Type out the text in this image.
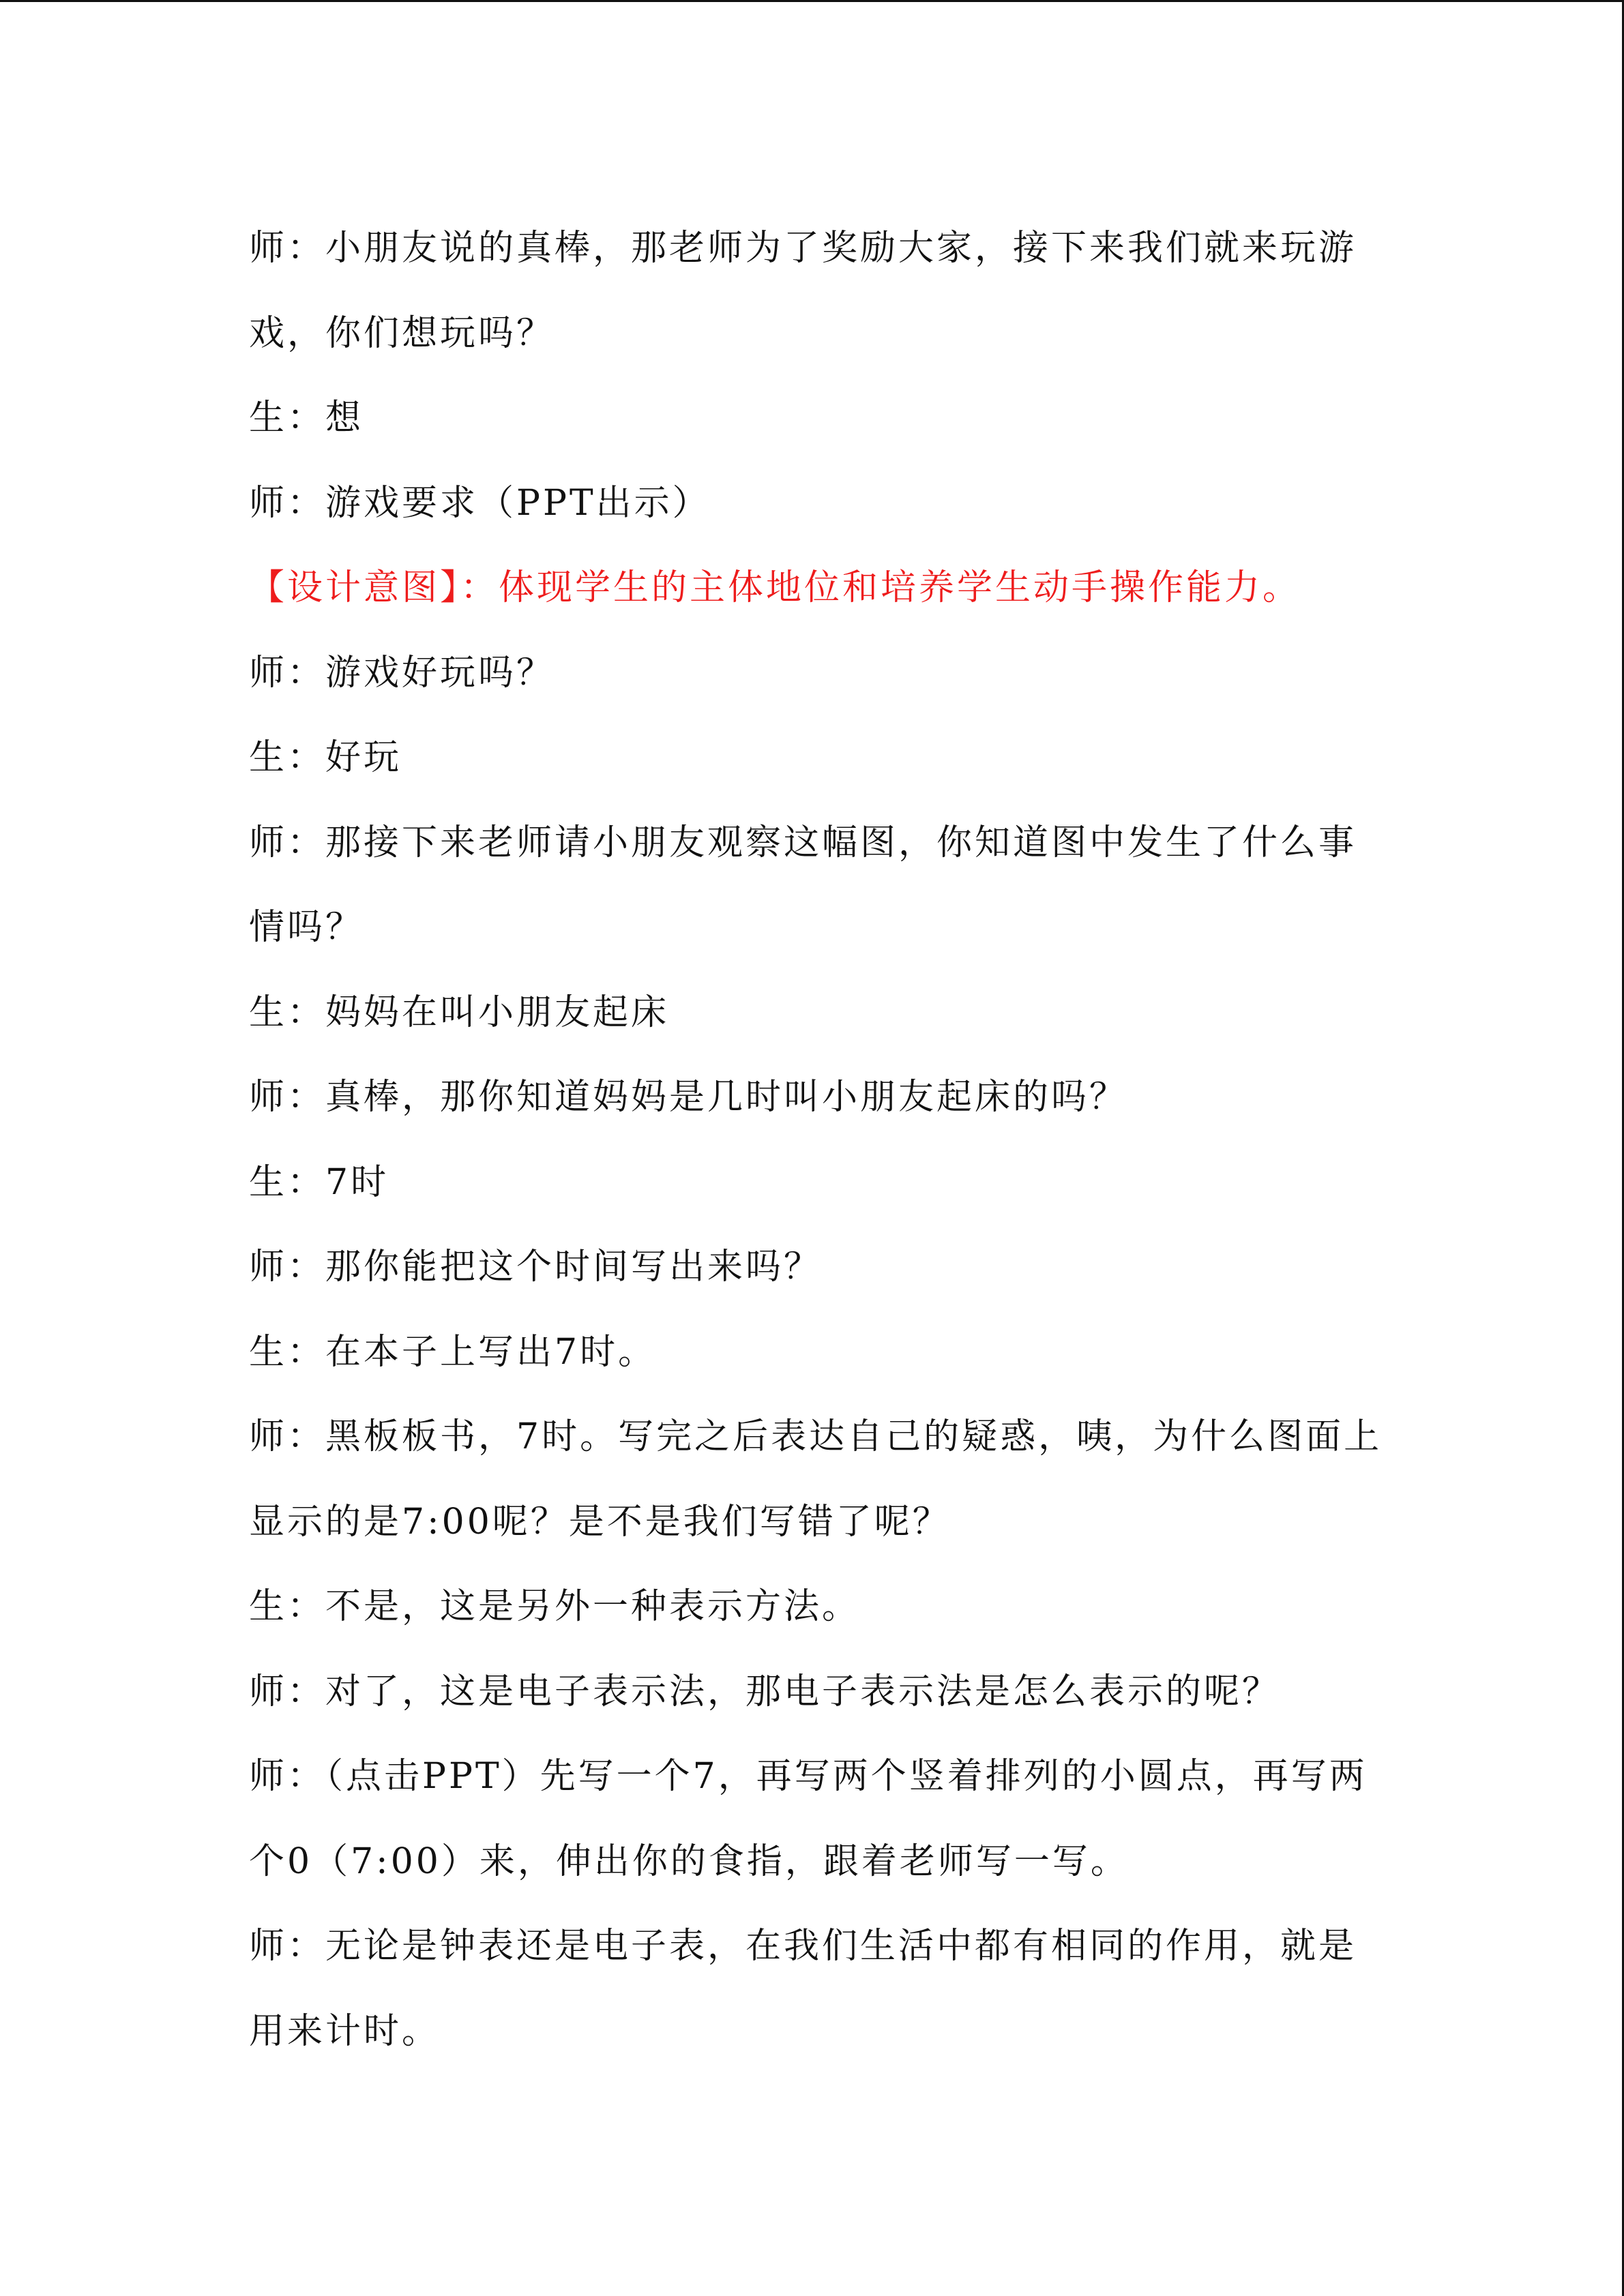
师：小朋友说的真棒，那老师为了奖励大家，接下来我们就来玩游
戏，你们想玩吗？
生：想
师：游戏要求（PPT出示）
【设计意图】：体现学生的主体地位和培养学生动手操作能力。
师：游戏好玩吗？
生：好玩
师：那接下来老师请小朋友观察这幅图，你知道图中发生了什么事
情吗？
生：妈妈在叫小朋友起床
师：真棒，那你知道妈妈是几时叫小朋友起床的吗？
生：7时
师：那你能把这个时间写出来吗？
生：在本子上写出7时。
师：黑板板书，7时。写完之后表达自己的疑惑，咦，为什么图面上
显示的是7:00呢？是不是我们写错了呢？
生：不是，这是另外一种表示方法。
师：对了，这是电子表示法，那电子表示法是怎么表示的呢？
师：（点击PPT）先写一个7，再写两个竖着排列的小圆点，再写两
个0（7:00）来，伸出你的食指，跟着老师写一写。
师：无论是钟表还是电子表，在我们生活中都有相同的作用，就是
用来计时。
